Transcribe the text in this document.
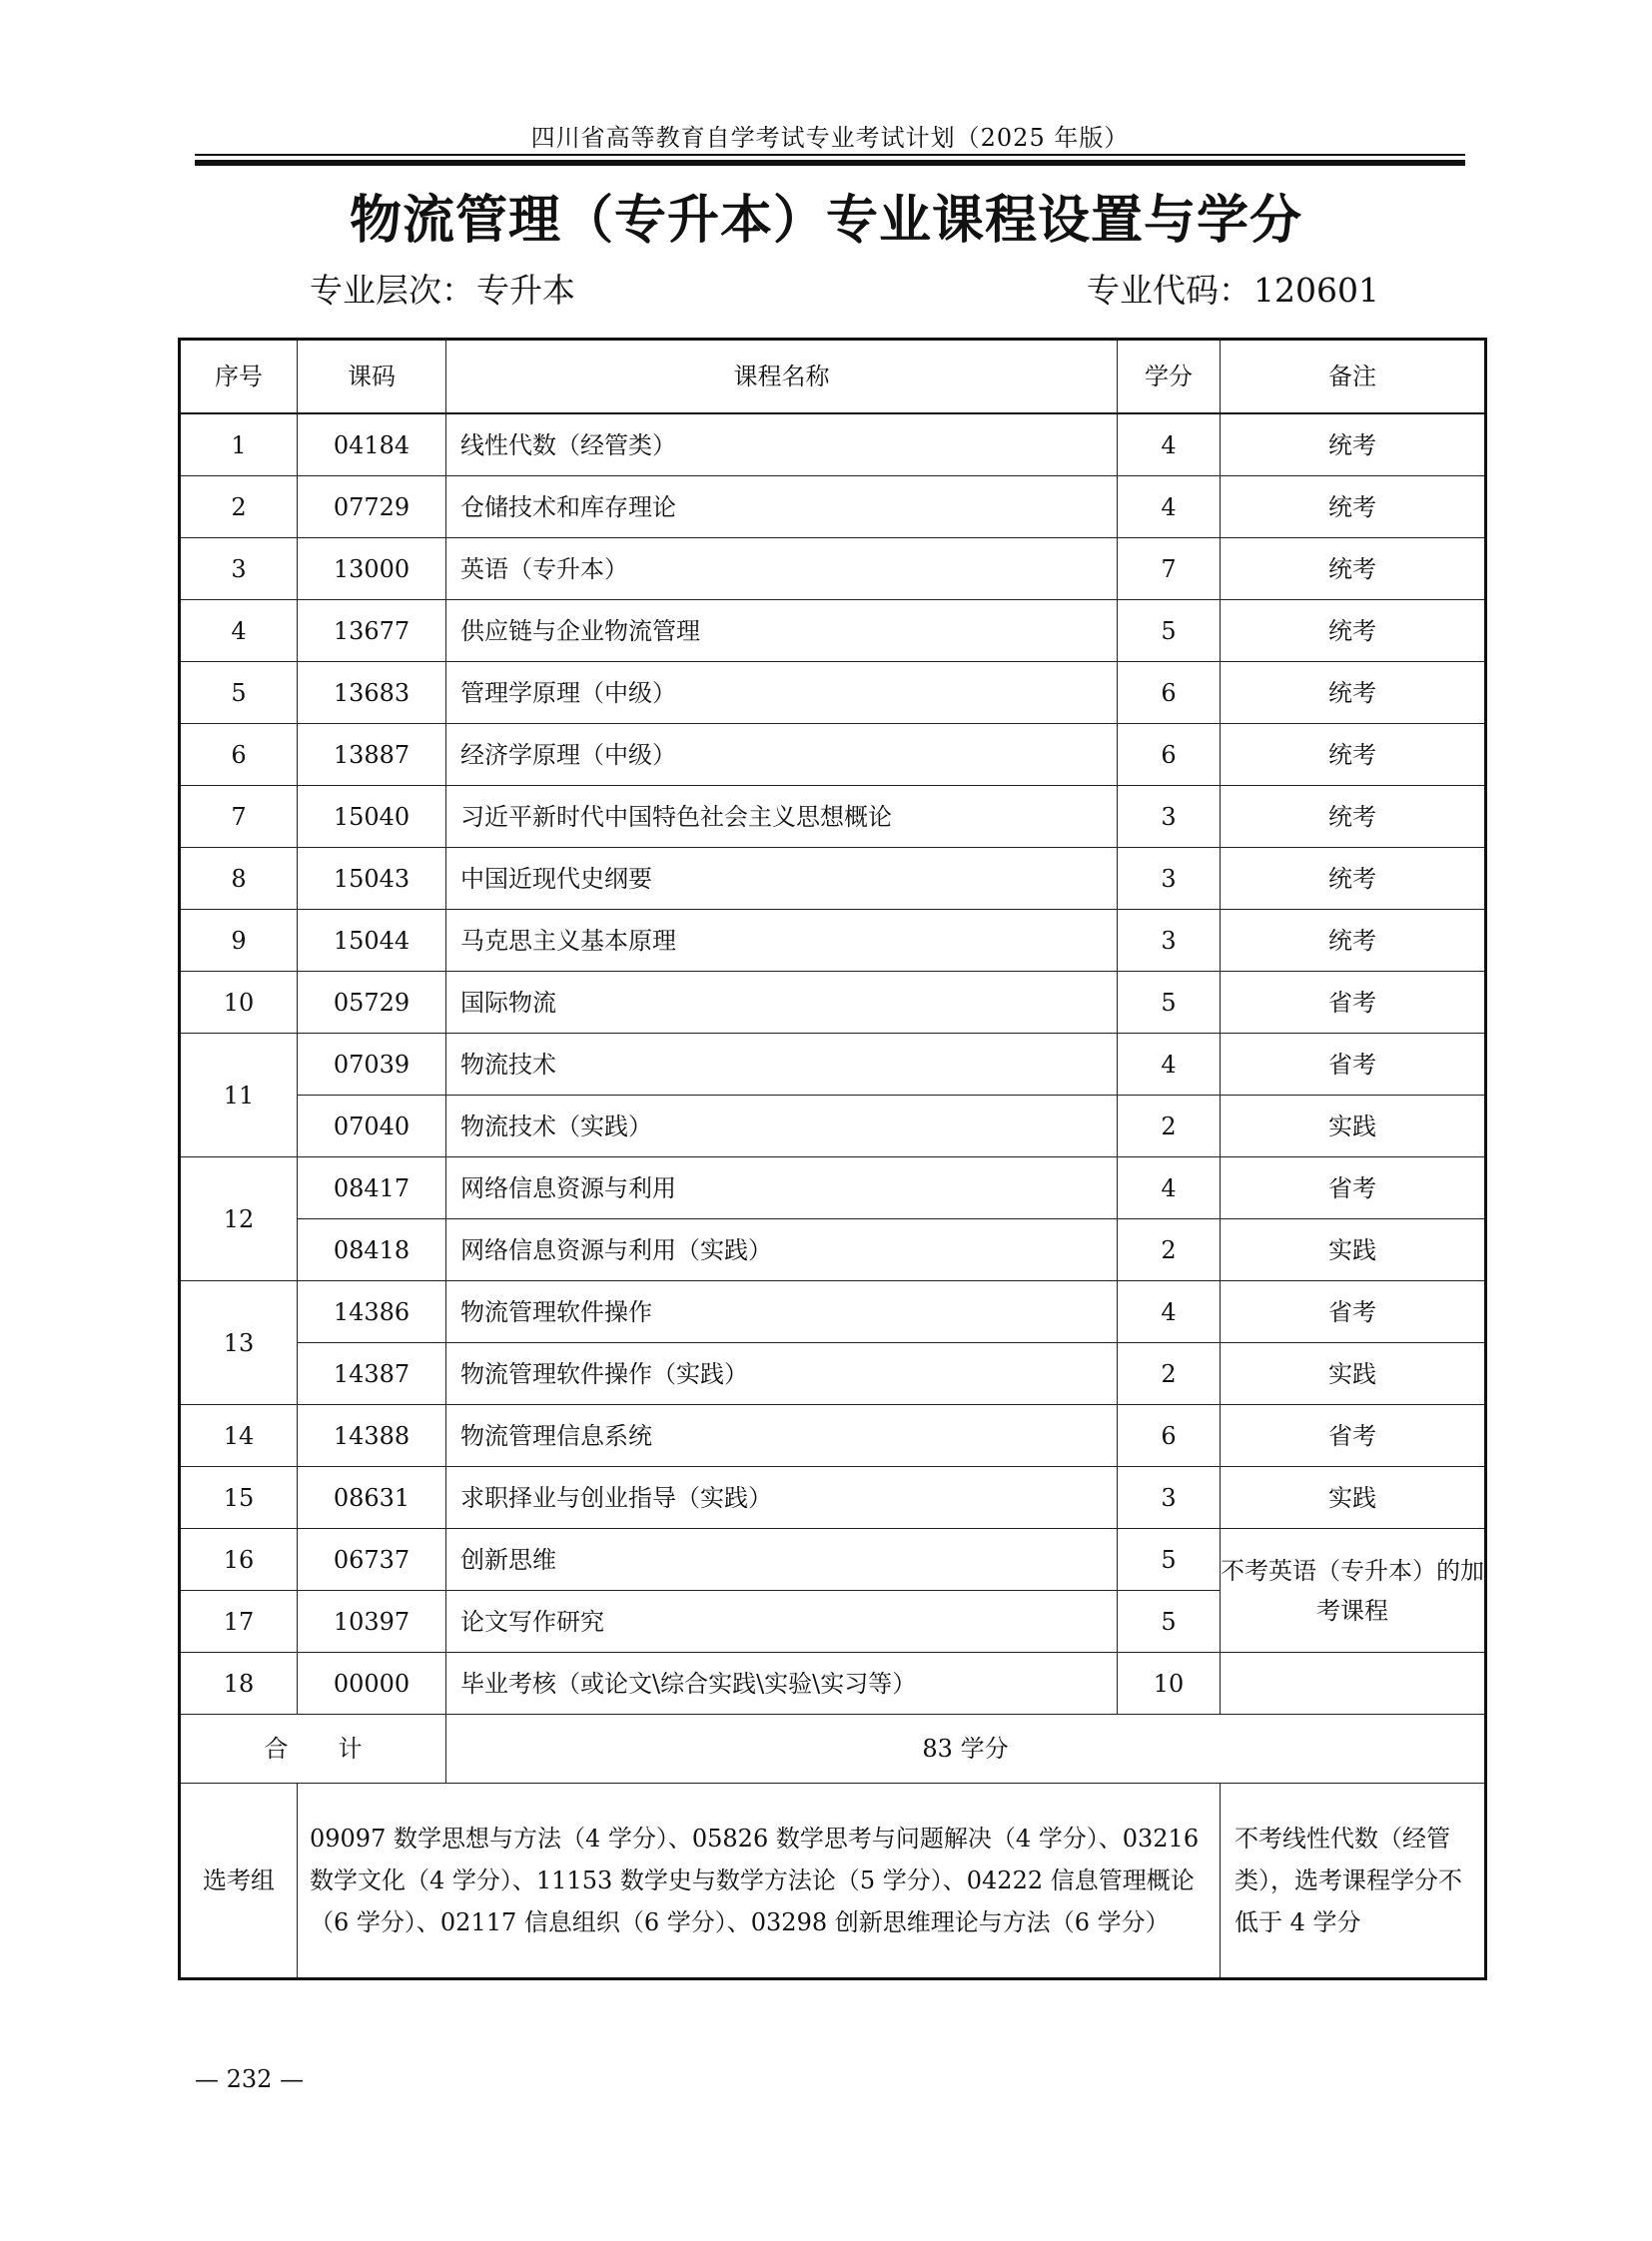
四川省高等教育自学考试专业考试计划（2025 年版）
物流管理（专升本）专业课程设置与学分
专业层次：专升本	专业代码：120601
序号	课码	课程名称	学分	备注
1	04184	线性代数（经管类）	4	统考
2	07729	仓储技术和库存理论	4	统考
3	13000	英语（专升本）	7	统考
4	13677	供应链与企业物流管理	5	统考
5	13683	管理学原理（中级）	6	统考
6	13887	经济学原理（中级）	6	统考
7	15040	习近平新时代中国特色社会主义思想概论	3	统考
8	15043	中国近现代史纲要	3	统考
9	15044	马克思主义基本原理	3	统考
10	05729	国际物流	5	省考
11	07039	物流技术	4	省考
	07040	物流技术（实践）	2	实践
12	08417	网络信息资源与利用	4	省考
	08418	网络信息资源与利用（实践）	2	实践
13	14386	物流管理软件操作	4	省考
	14387	物流管理软件操作（实践）	2	实践
14	14388	物流管理信息系统	6	省考
15	08631	求职择业与创业指导（实践）	3	实践
16	06737	创新思维	5	不考英语（专升本）的加考课程
17	10397	论文写作研究	5	
18	00000	毕业考核（或论文\综合实践\实验\实习等）	10	
合 计		83 学分		
选考组	09097 数学思想与方法（4 学分）、05826 数学思考与问题解决（4 学分）、03216 数学文化（4 学分）、11153 数学史与数学方法论（5 学分）、04222 信息管理概论（6 学分）、02117 信息组织（6 学分）、03298 创新思维理论与方法（6 学分）			不考线性代数（经管类），选考课程学分不低于 4 学分
— 232 —
